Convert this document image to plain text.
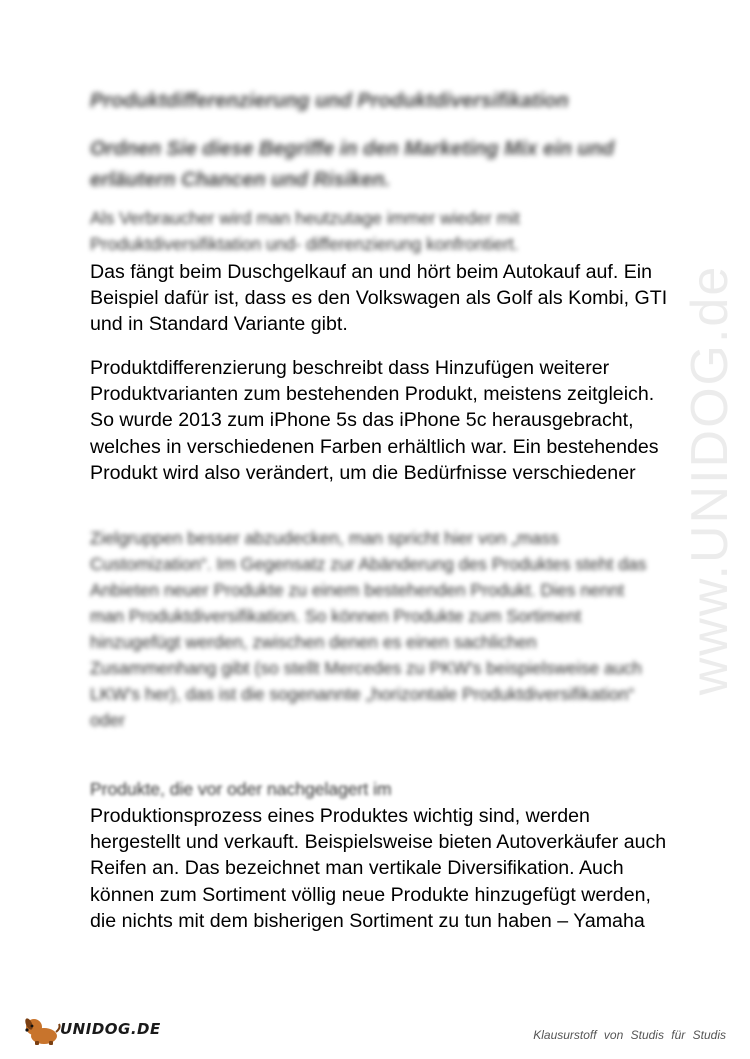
www.UNIDOG.de
Produktdifferenzierung und Produktdiversifikation
Ordnen Sie diese Begriffe in den Marketing Mix ein und erläutern Chancen und Risiken.
Als Verbraucher wird man heutzutage immer wieder mit Produktdiversifiktation und- differenzierung konfrontiert.
Das fängt beim Duschgelkauf an und hört beim Autokauf auf. Ein Beispiel dafür ist, dass es den Volkswagen als Golf als Kombi, GTI und in Standard Variante gibt.
Produktdifferenzierung beschreibt dass Hinzufügen weiterer Produktvarianten zum bestehenden Produkt, meistens zeitgleich. So wurde 2013 zum iPhone 5s das iPhone 5c herausgebracht, welches in verschiedenen Farben erhältlich war. Ein bestehendes Produkt wird also verändert, um die Bedürfnisse verschiedener
Zielgruppen besser abzudecken, man spricht hier von „mass Customization“. Im Gegensatz zur Abänderung des Produktes steht das Anbieten neuer Produkte zu einem bestehenden Produkt. Dies nennt man Produktdiversifikation. So können Produkte zum Sortiment hinzugefügt werden, zwischen denen es einen sachlichen Zusammenhang gibt (so stellt Mercedes zu PKW's beispielsweise auch LKW's her), das ist die sogenannte „horizontale Produktdiversifikation“ oder
Produkte, die vor oder nachgelagert im
Produktionsprozess eines Produktes wichtig sind, werden hergestellt und verkauft. Beispielsweise bieten Autoverkäufer auch Reifen an. Das bezeichnet man vertikale Diversifikation. Auch können zum Sortiment völlig neue Produkte hinzugefügt werden, die nichts mit dem bisherigen Sortiment zu tun haben – Yamaha
UNIDOG.DE	Klausurstoff von Studis für Studis
